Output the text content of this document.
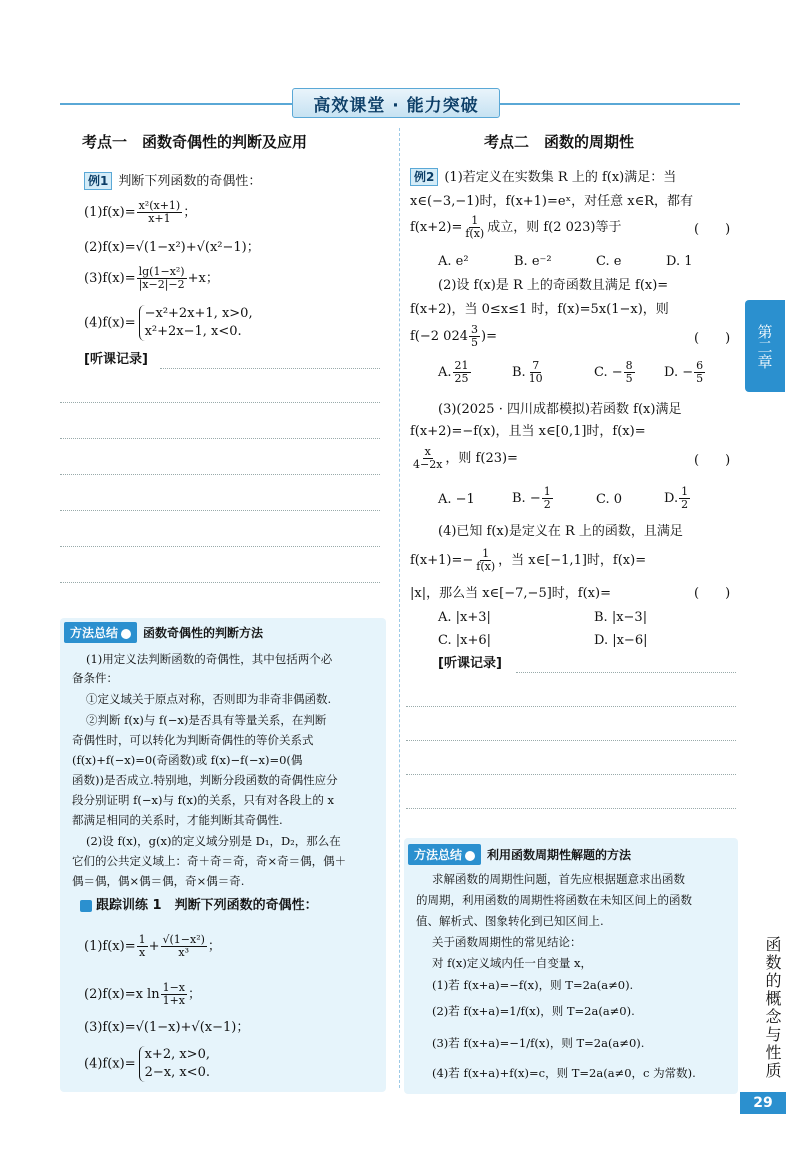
高效课堂 · 能力突破
考点一　函数奇偶性的判断及应用
例1 判断下列函数的奇偶性：
$(1)f(x)= \frac{\text{x²(x+1)}}{x+1}$ ；
(2)f(x)=√(1−x²)+√(x²−1)；
$(3)f(x)= \frac{\text{lg(1−x²)}}{|x-2|-2} +x$；
(4)f(x)=
−x²+2x+1, x>0,
x²+2x−1, x<0.
[听课记录]
方法总结 函数奇偶性的判断方法
(1)用定义法判断函数的奇偶性，其中包括两个必
备条件：
①定义域关于原点对称，否则即为非奇非偶函数.
②判断 f(x)与 f(−x)是否具有等量关系，在判断
奇偶性时，可以转化为判断奇偶性的等价关系式
(f(x)+f(−x)=0(奇函数)或 f(x)−f(−x)=0(偶
函数))是否成立.特别地，判断分段函数的奇偶性应分
段分别证明 f(−x)与 f(x)的关系，只有对各段上的 x
都满足相同的关系时，才能判断其奇偶性.
(2)设 f(x)，g(x)的定义域分别是 D₁，D₂，那么在
它们的公共定义域上：奇＋奇＝奇，奇×奇＝偶，偶＋
偶＝偶，偶×偶＝偶，奇×偶＝奇.
跟踪训练 1　判断下列函数的奇偶性：
$(1)f(x)= \frac{1}{x} + \frac{\text{√(1−x²)}}{\text{x³}}$ ；
(2)f(x)=x $\ln \frac{1-x}{1+x}$ ；
(3)f(x)=√(1−x)+√(x−1)；
(4)f(x)=
x+2, x>0,
2−x, x<0.
考点二　函数的周期性
例2 (1)若定义在实数集 R 上的 f(x)满足：当
x∈(−3,−1)时，f(x+1)=eˣ，对任意 x∈R，都有
$f(x+2)= \frac{1}{f(x)}$ 成立，则 f(2 023)等于	(　　)
A. e²	B. e⁻²	C. e	D. 1
(2)设 f(x)是 R 上的奇函数且满足 f(x)=
f(x+2)，当 0≤x≤1 时，f(x)=5x(1−x)，则
f(−2 $024 \frac{3}{5}$ )=	(　　)
A. $\frac{21}{25}$	B. $\frac{7}{10}$	C. − $\frac{8}{5} D$. − $\frac{6}{5}$
(3)(2025 · 四川成都模拟)若函数 f(x)满足
f(x+2)=−f(x)，且当 x∈[0,1]时，f(x)=
$\frac{x}{4-2x}$ ，则 f(23)=	(　　)
A. −1	B. − $\frac{1}{2}$	C. 0	D. $\frac{1}{2}$
(4)已知 f(x)是定义在 R 上的函数，且满足
$f(x+1)=- \frac{1}{f(x)}$ ，当 x∈[−1,1]时，f(x)=
|x|，那么当 x∈[−7,−5]时，f(x)=	(　　)
A. |x+3|	B. |x−3|
C. |x+6|	D. |x−6|
[听课记录]
方法总结 利用函数周期性解题的方法
求解函数的周期性问题，首先应根据题意求出函数
的周期，利用函数的周期性将函数在未知区间上的函数
值、解析式、图象转化到已知区间上.
关于函数周期性的常见结论：
对 f(x)定义域内任一自变量 x，
(1)若 f(x+a)=−f(x)，则 T=2a(a≠0).
(2)若 f(x+a)=1/f(x)，则 T=2a(a≠0).
(3)若 f(x+a)=−1/f(x)，则 T=2a(a≠0).
(4)若 f(x+a)+f(x)=c，则 T=2a(a≠0，c 为常数).
第二章
函数的概念与性质
29
